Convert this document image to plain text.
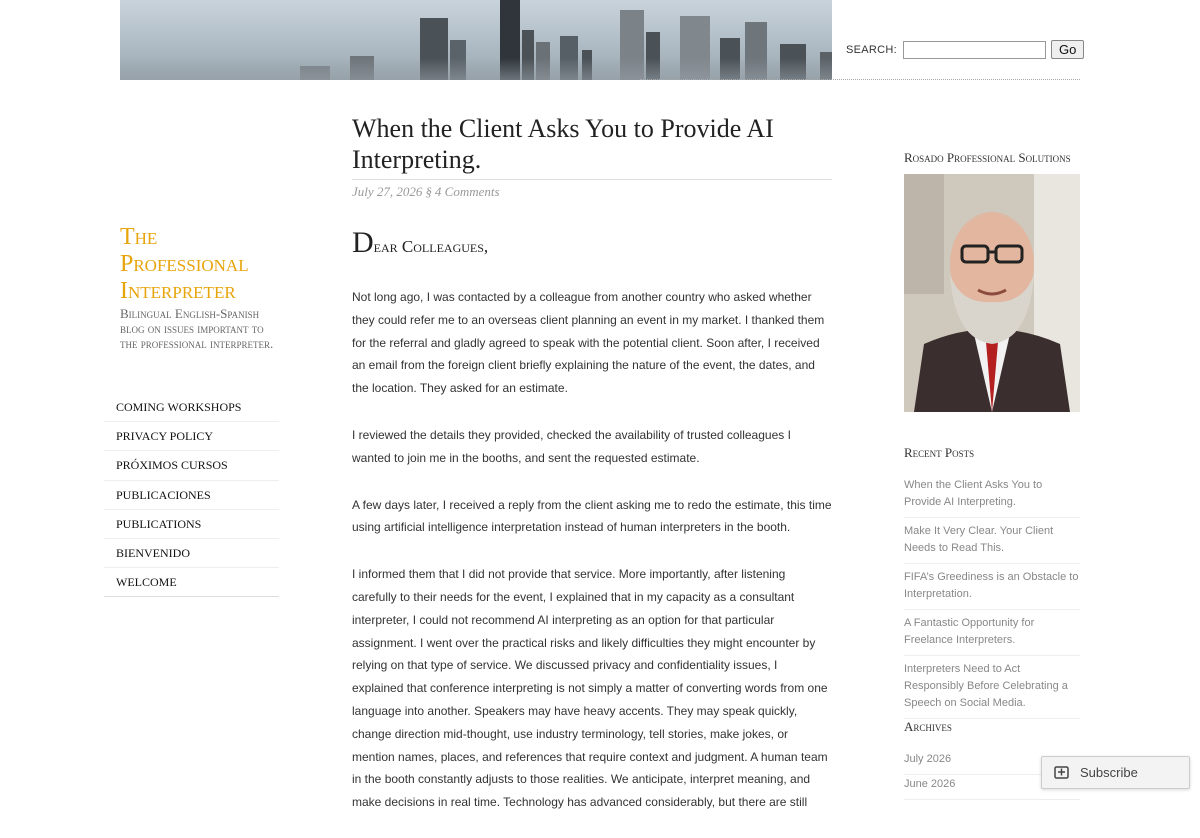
SEARCH:	Go
The Professional Interpreter
Bilingual English-Spanish blog on issues important to the professional interpreter.
COMING WORKSHOPS
PRIVACY POLICY
PRÓXIMOS CURSOS
PUBLICACIONES
PUBLICATIONS
BIENVENIDO
WELCOME
When the Client Asks You to Provide AI Interpreting.
July 27, 2026 § 4 Comments
Dear Colleagues,

Not long ago, I was contacted by a colleague from another country who asked whether they could refer me to an overseas client planning an event in my market. I thanked them for the referral and gladly agreed to speak with the potential client. Soon after, I received an email from the foreign client briefly explaining the nature of the event, the dates, and the location. They asked for an estimate.

I reviewed the details they provided, checked the availability of trusted colleagues I wanted to join me in the booths, and sent the requested estimate.

A few days later, I received a reply from the client asking me to redo the estimate, this time using artificial intelligence interpretation instead of human interpreters in the booth.

I informed them that I did not provide that service. More importantly, after listening carefully to their needs for the event, I explained that in my capacity as a consultant interpreter, I could not recommend AI interpreting as an option for that particular assignment. I went over the practical risks and likely difficulties they might encounter by relying on that type of service. We discussed privacy and confidentiality issues, I explained that conference interpreting is not simply a matter of converting words from one language into another. Speakers may have heavy accents. They may speak quickly, change direction mid-thought, use industry terminology, tell stories, make jokes, or mention names, places, and references that require context and judgment. A human team in the booth constantly adjusts to those realities. We anticipate, interpret meaning, and make decisions in real time. Technology has advanced considerably, but there are still

Rosado Professional Solutions
Recent Posts
When the Client Asks You to Provide AI Interpreting.
Make It Very Clear. Your Client Needs to Read This.
FIFA’s Greediness is an Obstacle to Interpretation.
A Fantastic Opportunity for Freelance Interpreters.
Interpreters Need to Act Responsibly Before Celebrating a Speech on Social Media.
Archives
July 2026
June 2026
Subscribe
